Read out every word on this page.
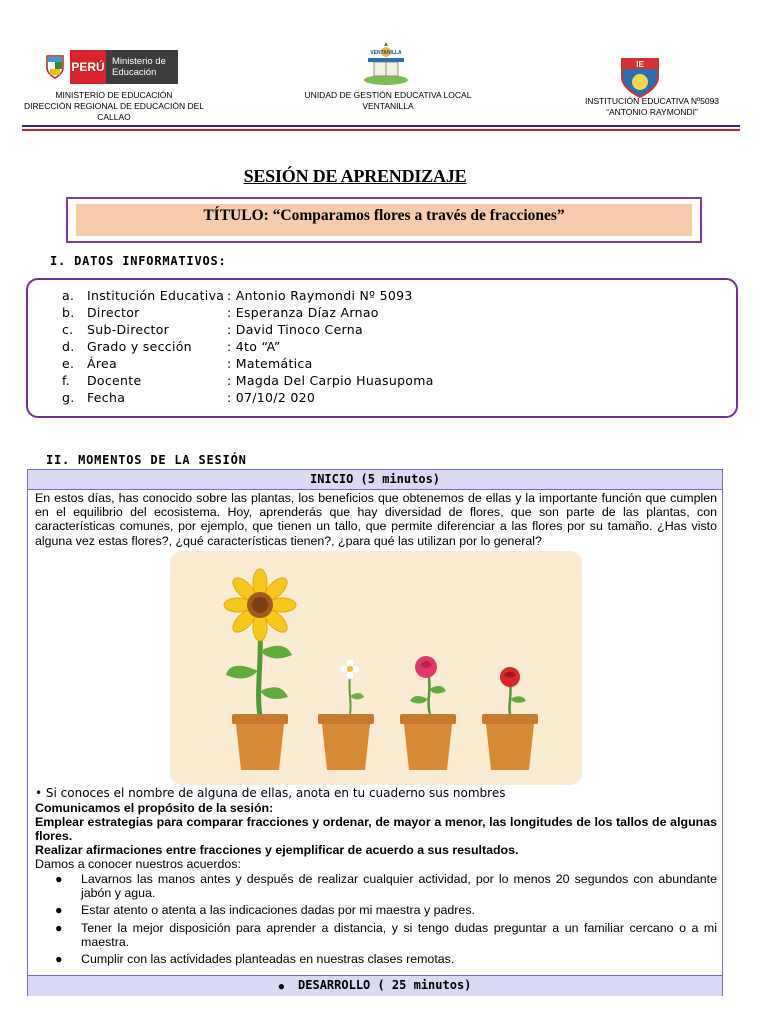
PERÚ Ministerio de Educación
MINISTERIO DE EDUCACIÓN
DIRECCIÓN REGIONAL DE EDUCACIÓN DEL
CALLAO
VENTANILLA
UNIDAD DE GESTIÓN EDUCATIVA LOCAL
VENTANILLA
IE
INSTITUCIÓN EDUCATIVA Nº5093
“ANTONIO RAYMONDI”
SESIÓN DE APRENDIZAJE
TÍTULO: “Comparamos flores a través de fracciones”
I. DATOS INFORMATIVOS:
a.	Institución Educativa : Antonio Raymondi Nº 5093
b. Director	: Esperanza Díaz Arnao
c.	Sub-Director	: David Tinoco Cerna
d. Grado y sección	: 4to “A”
e.	Área	: Matemática
f.	Docente	: Magda Del Carpio Huasupoma
g. Fecha	: 07/10/2 020
II. MOMENTOS DE LA SESIÓN
INICIO (5 minutos)
En estos días, has conocido sobre las plantas, los beneficios que obtenemos de ellas y la importante función que cumplen en el equilibrio del ecosistema. Hoy, aprenderás que hay diversidad de flores, que son parte de las plantas, con características comunes, por ejemplo, que tienen un tallo, que permite diferenciar a las flores por su tamaño. ¿Has visto alguna vez estas flores?, ¿qué características tienen?, ¿para qué las utilizan por lo general?
• Si conoces el nombre de alguna de ellas, anota en tu cuaderno sus nombres
Comunicamos el propósito de la sesión:
Emplear estrategias para comparar fracciones y ordenar, de mayor a menor, las longitudes de los tallos de algunas flores.
Realizar afirmaciones entre fracciones y ejemplificar de acuerdo a sus resultados.
Damos a conocer nuestros acuerdos:
● Lavarnos las manos antes y después de realizar cualquier actividad, por lo menos 20 segundos con abundante jabón y agua.
● Estar atento o atenta a las indicaciones dadas por mi maestra y padres.
● Tener la mejor disposición para aprender a distancia, y si tengo dudas preguntar a un familiar cercano o a mi maestra.
● Cumplir con las actividades planteadas en nuestras clases remotas.
● DESARROLLO ( 25 minutos)
